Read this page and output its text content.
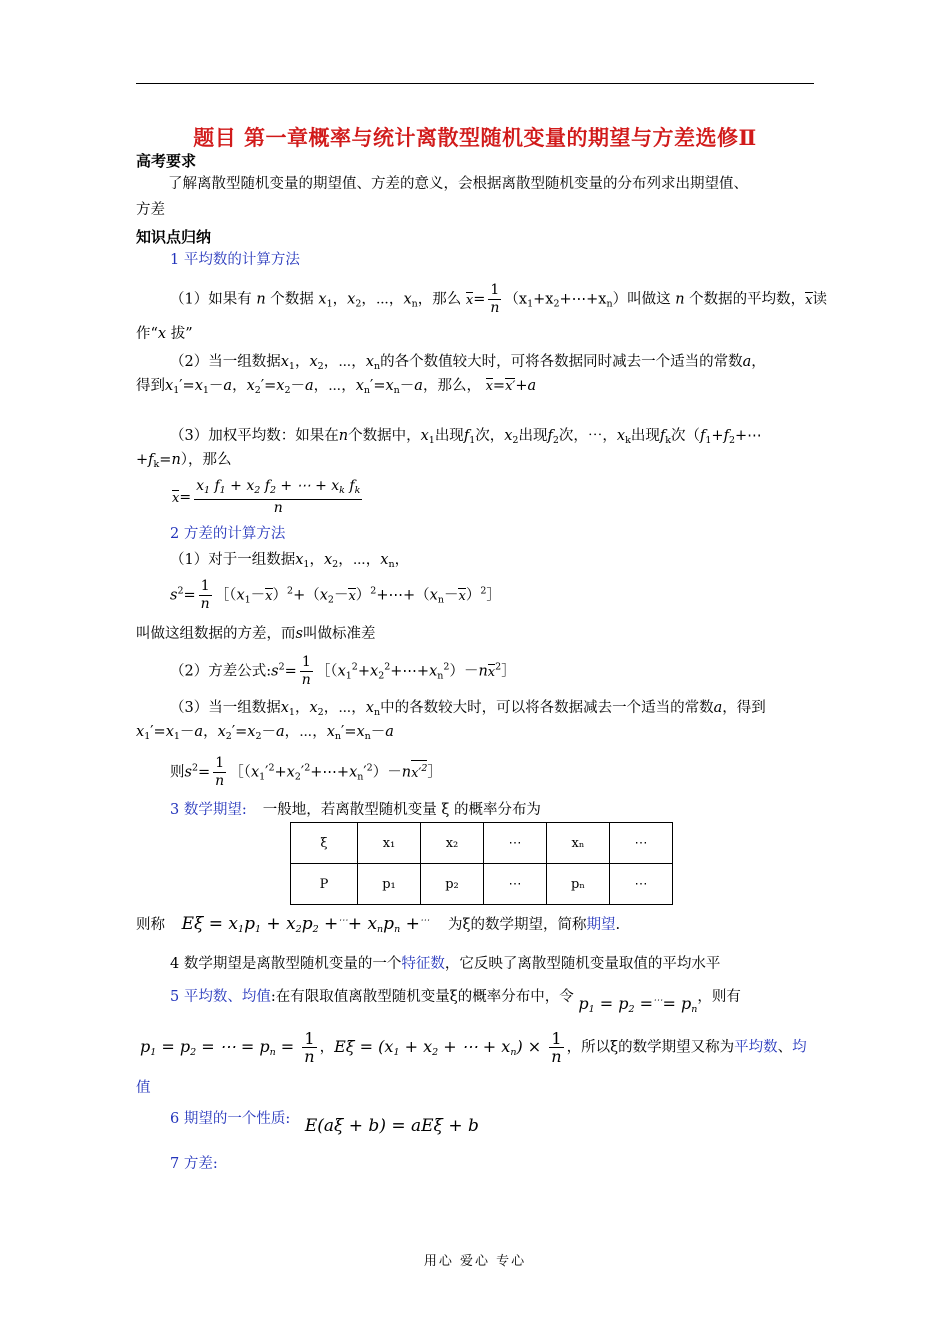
题目 第一章概率与统计离散型随机变量的期望与方差选修Ⅱ
高考要求
了解离散型随机变量的期望值、方差的意义，会根据离散型随机变量的分布列求出期望值、
方差
知识点归纳
1 平均数的计算方法
（1）如果有 n 个数据 $x_1$，$x_2$，⋯，$x_n$，那么 $x= \frac{1}{n}$ $(x_1+x_2+\cdots+x_n)$叫做这 n 个数据的平均数，x读
作“x 拔”
（2）当一组数据$x_1$，$x_2$，⋯，$x_n$的各个数值较大时，可将各数据同时减去一个适当的常数a，
得到$x_1'=x_1-a$，$x_2'=x_2-a$，⋯，$x_n'=x_n-a$，那么， x=x′+a
（3）加权平均数：如果在n个数据中，$x_1$出现$f_1$次，$x_2$出现$f_2$次，⋯，$x_k$出现$f_k$次（$f_1+f_2+\cdots$
$+f_k=n$），那么
$x= \frac{x_1 f_1 + x_2 f_2 + \cdots + x_k f_k}{n}$
2 方差的计算方法
（1）对于一组数据$x_1$，$x_2$，⋯，$x_n$，
$s^2= \frac{1}{n}$ $[(x_1-x)^2+(x_2-x)^2+\cdots+(x_n-x)^2]$
叫做这组数据的方差，而s叫做标准差
（2）方差公式$:s^2= \frac{1}{n}$ $[(x_1^2+x_2^2+\cdots+x_n^2)-nx^2]$
（3）当一组数据$x_1$，$x_2$，⋯，$x_n$中的各数较大时，可以将各数据减去一个适当的常数a，得到
$x_1'=x_1-a$，$x_2'=x_2-a$，⋯，$x_n'=x_n-a$
则$s^2= \frac{1}{n}$ $[(x_1'^2+x_2'^2+\cdots+x_n'^2)-nx'^2]$
3 数学期望: 一般地，若离散型随机变量 ξ 的概率分布为
ξ	x₁	x₂	⋯	xₙ	⋯
P	p₁	p₂	⋯	pₙ	⋯
则称 $E\xi = x_1p_1 + x_2p_2 +^\cdots+ x_np_n +^\cdots$ 为ξ的数学期望，简称期望.
4 数学期望是离散型随机变量的一个特征数，它反映了离散型随机变量取值的平均水平
5 平均数、均值:在有限取值离散型随机变量ξ的概率分布中，令 $p_1 = p_2 =^\cdots= p_n$，则有
$p_1 = p_2$ = ⋯ = $p_n = \frac{1}{n}$ ，$E\xi = (x_1 + x_2$ + ⋯ + $x_n) \times \frac{1}{n}$ ，所以ξ的数学期望又称为平均数、均
值
6 期望的一个性质: E(aξ + b) = aEξ + b
7 方差:
用心 爱心 专心
